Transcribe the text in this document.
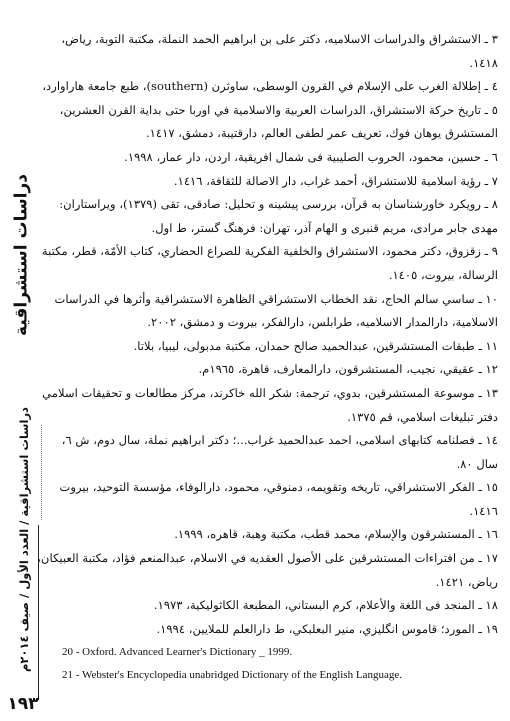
دراسات استشراقية
دراسات استشراقية / العدد الأول / صيف ٢٠١٤م
١٩٣
٣ ـ الاستشراق والدراسات الاسلاميه، دكتر على بن ابراهيم الحمد النملة، مكتبة التوبة، رياض،
١٤١٨.
٤ ـ إطلالة الغرب على الإسلام في القرون الوسطى، ساوثرن (southern)، طبع جامعة هاراوارد،
٥ ـ تاريخ حركة الاستشراق، الدراسات العربية والاسلامية في اوربا حتى بداية القرن العشرين،
المستشرق يوهان فوك، تعريف عمر لطفى العالم، دارقتيبة، دمشق، ١٤١٧.
٦ ـ حسين، محمود، الحروب الصليبية فى شمال افريقية، اردن، دار عمار، ١٩٩٨.
٧ ـ رؤية اسلامية للاستشراق، أحمد غراب، دار الاصالة للثقافة، ١٤١٦.
٨ ـ رويكرد خاورشناسان به قرآن، بررسى پيشينه و تحليل: صادقى، تقى (١٣٧٩)، ويراستاران:
مهدى جابر مرادى، مريم قنبرى و الهام آذر، تهران: فرهنگ گستر، ط اول.
٩ ـ زقزوق، دكتر محمود، الاستشراق والخلفية الفكرية للصراع الحضاري، كتاب الأمّة، قطر، مكتبة
الرسالة، بيروت، ١٤٠٥.
١٠ ـ ساسي سالم الحاج، نقد الخطاب الاستشراقي الظاهرة الاستشراقية وأثرها في الدراسات
الاسلامية، دارالمدار الاسلاميه، طرابلس، دارالفكر، بيروت و دمشق، ٢٠٠٢.
١١ ـ طبقات المستشرقين، عبدالحميد صالح حمدان، مكتبة مدبولى، ليبيا، بلاتا.
١٢ ـ عقيقي، نجيب، المستشرقون، دارالمعارف، قاهرة، ١٩٦٥م.
١٣ ـ موسوعة المستشرقين، بدوي، ترجمة: شكر الله خاكرند، مركز مطالعات و تحقيقات اسلامي
دفتر تبليغات اسلامي، قم ١٣٧٥.
١٤ ـ فصلنامه كتابهاى اسلامى، احمد عبدالحميد غراب...؛ دكتر ابراهيم نملة، سال دوم، ش ٦،
سال ٨٠.
١٥ ـ الفكر الاستشراقي، تاريخه وتقويمه، دمنوقي، محمود، دارالوفاء، مؤسسة التوحيد، بيروت
١٤١٦.
١٦ ـ المستشرقون والإسلام، محمد قطب، مكتبة وهبة، قاهره، ١٩٩٩.
١٧ ـ من افتراءات المستشرقين على الأصول العقديه في الاسلام، عبدالمنعم فؤاد، مكتبة العبيكان،
رياض، ١٤٢١.
١٨ ـ المنجد فى اللغة والأعلام، كرم البستاني، المطبعة الكاثوليكية، ١٩٧٣.
١٩ ـ المورد؛ قاموس انگليزي، منير البعلبكي، ط دارالعلم للملايين، ١٩٩٤.
20 - Oxford. Advanced Learner's Dictionary _ 1999.
21 - Webster's Encyclopedia unabridged Dictionary of the English Language.
